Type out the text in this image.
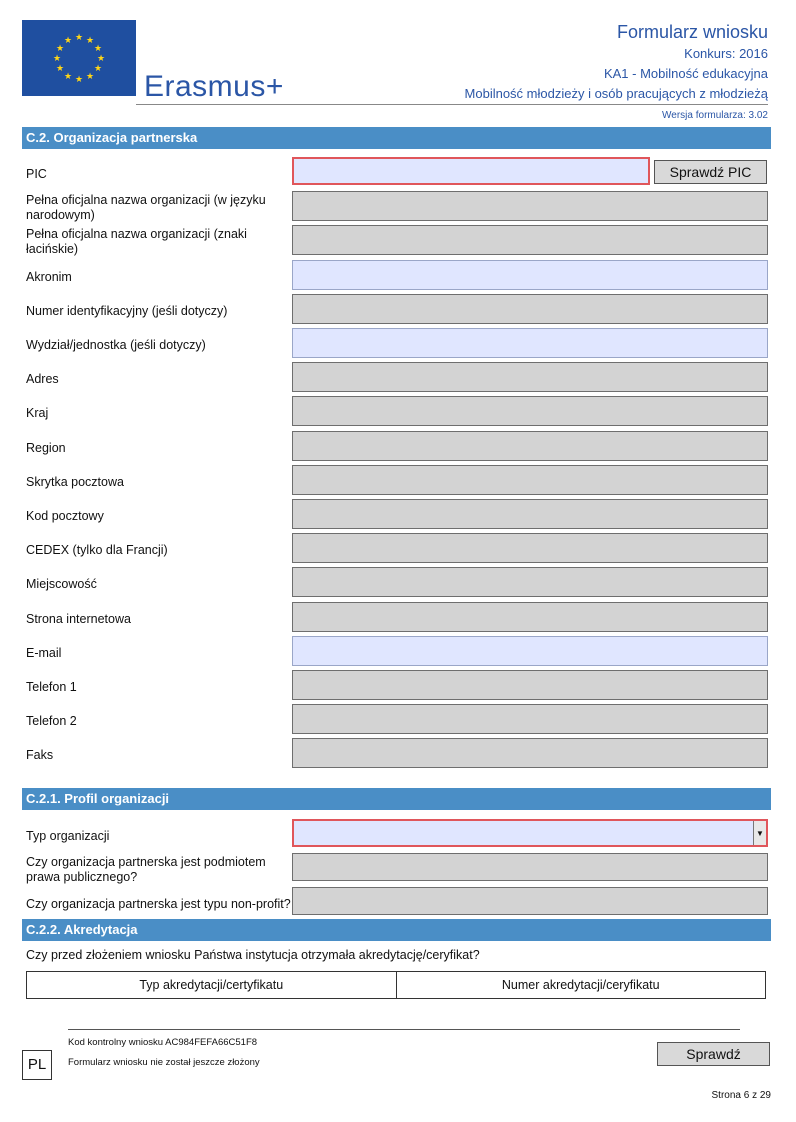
★ ★
★
★
★
★
★
★
★
★
★
★
Erasmus+
Formularz wniosku
Konkurs: 2016
KA1 - Mobilność edukacyjna
Mobilność młodzieży i osób pracujących z młodzieżą
Wersja formularza: 3.02
C.2. Organizacja partnerska
PIC
Pełna oficjalna nazwa organizacji (w języku narodowym)
Pełna oficjalna nazwa organizacji (znaki łacińskie)
Akronim
Numer identyfikacyjny (jeśli dotyczy)
Wydział/jednostka (jeśli dotyczy)
Adres
Kraj
Region
Skrytka pocztowa
Kod pocztowy
CEDEX (tylko dla Francji)
Miejscowość
Strona internetowa
E-mail
Telefon 1
Telefon 2
Faks
Sprawdź PIC
C.2.1. Profil organizacji
Typ organizacji	▼
Czy organizacja partnerska jest podmiotem prawa publicznego?
Czy organizacja partnerska jest typu non-profit?
C.2.2. Akredytacja
Czy przed złożeniem wniosku Państwa instytucja otrzymała akredytację/ceryfikat?
Typ akredytacji/certyfikatu	Numer akredytacji/ceryfikatu
Kod kontrolny wniosku AC984FEFA66C51F8
Formularz wniosku nie został jeszcze złożony
PL
Sprawdź
Strona 6 z 29
